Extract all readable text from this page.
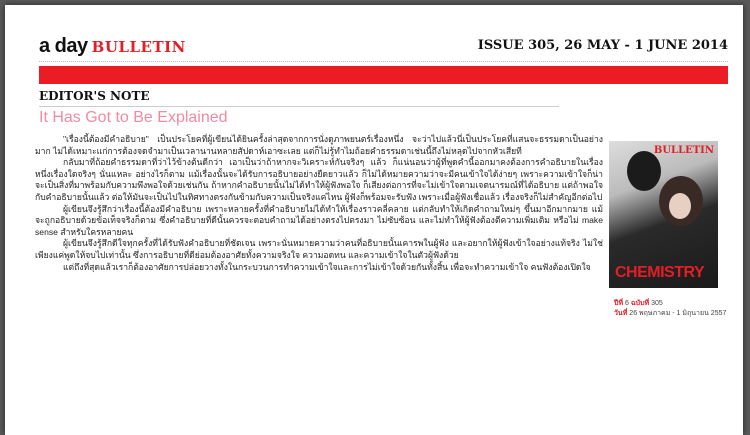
a day BULLETIN	ISSUE 305, 26 MAY - 1 JUNE 2014
EDITOR'S NOTE
It Has Got to Be Explained

"เรื่องนี้ต้องมีคำอธิบาย" เป็นประโยคที่ผู้เขียนได้ยินครั้งล่าสุดจากการนั่งดูภาพยนตร์เรื่องหนึ่ง จะว่าไปแล้วนี่เป็นประโยคที่แสนจะธรรมดาเป็นอย่างมาก ไม่ได้เหมาะแก่การต้องจดจำมาเป็นเวลานานหลายสัปดาห์เอาซะเลย แต่ก็ไม่รู้ทำไมถ้อยคำธรรมดาเช่นนี้ถึงไม่หลุดไปจากหัวเสียที

กลับมาที่ถ้อยคำธรรมดาที่ว่าไว้ข้างต้นดีกว่า เอาเป็นว่าถ้าหากจะวิเคราะห์กันจริงๆ แล้ว ก็แน่นอนว่าผู้ที่พูดคำนี้ออกมาคงต้องการคำอธิบายในเรื่องหนึ่งเรื่องใดจริงๆ นั่นแหละ อย่างไรก็ตาม แม้เรื่องนั้นจะได้รับการอธิบายอย่างยืดยาวแล้ว ก็ไม่ได้หมายความว่าจะมีคนเข้าใจได้ง่ายๆ เพราะความเข้าใจก็น่าจะเป็นสิ่งที่มาพร้อมกับความพึงพอใจด้วยเช่นกัน ถ้าหากคำอธิบายนั้นไม่ได้ทำให้ผู้ฟังพอใจ ก็เสียงต่อการที่จะไม่เข้าใจตามเจตนารมณ์ที่ได้อธิบาย แต่ถ้าพอใจกับคำอธิบายนั้นแล้ว ต่อให้มันจะเป็นไปในทิศทางตรงกันข้ามกับความเป็นจริงแค่ไหน ผู้ฟังก็พร้อมจะรับฟัง เพราะเมื่อผู้ฟังเชื่อแล้ว เรื่องจริงก็ไม่สำคัญอีกต่อไป

ผู้เขียนจึงรู้สึกว่าเรื่องนี้ต้องมีคำอธิบาย เพราะหลายครั้งที่คำอธิบายไม่ได้ทำให้เรื่องราวคลี่คลาย แต่กลับทำให้เกิดคำถามใหม่ๆ ขึ้นมาอีกมากมาย แม้จะถูกอธิบายด้วยข้อเท็จจริงก็ตาม ซึ่งคำอธิบายที่ดีนั้นควรจะตอบคำถามได้อย่างตรงไปตรงมา ไม่ซับซ้อน และไม่ทำให้ผู้ฟังต้องตีความเพิ่มเติม หรือไม่ make sense สำหรับใครหลายคน

ผู้เขียนจึงรู้สึกดีใจทุกครั้งที่ได้รับฟังคำอธิบายที่ชัดเจน เพราะนั่นหมายความว่าคนที่อธิบายนั้นเคารพในผู้ฟัง และอยากให้ผู้ฟังเข้าใจอย่างแท้จริง ไม่ใช่เพียงแค่พูดให้จบไปเท่านั้น ซึ่งการอธิบายที่ดีย่อมต้องอาศัยทั้งความจริงใจ ความอดทน และความเข้าใจในตัวผู้ฟังด้วย

แต่ถึงที่สุดแล้วเราก็ต้องอาศัยการปล่อยวางทั้งในกระบวนการทำความเข้าใจและการไม่เข้าใจด้วยกันทั้งสิ้น เพื่อจะทำความเข้าใจ คนฟังต้องเปิดใจ

BULLETIN
CHEMISTRY
ปีที่ 6 ฉบับที่ 305
วันที่ 26 พฤษภาคม - 1 มิถุนายน 2557
